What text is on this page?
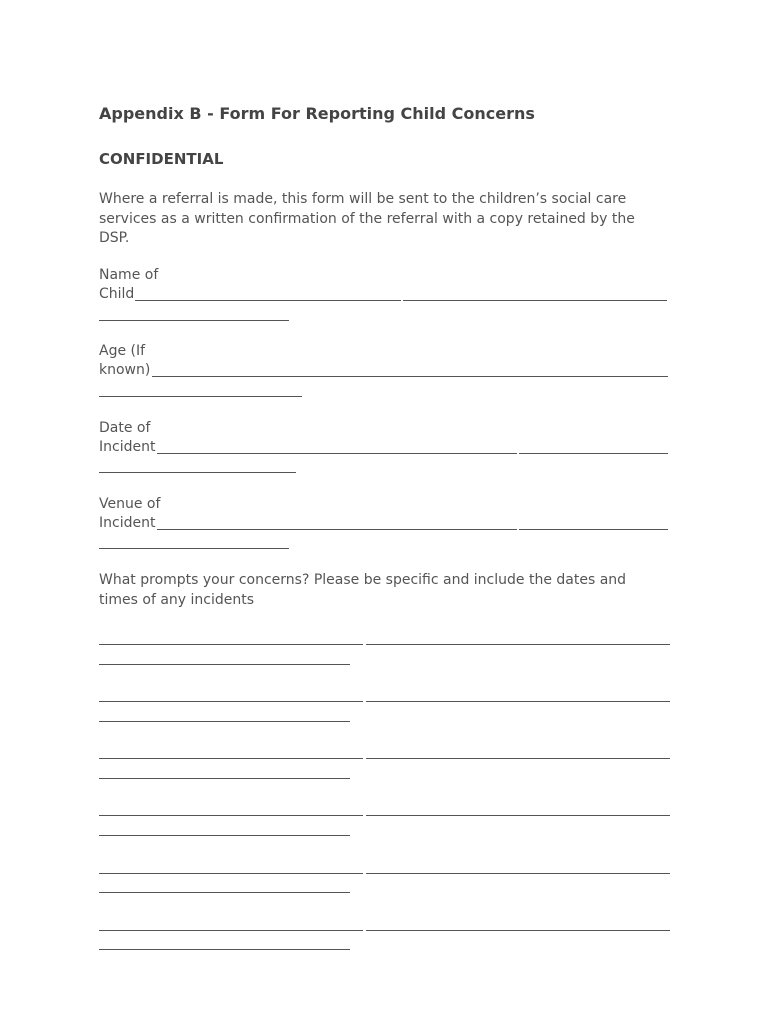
Appendix B - Form For Reporting Child Concerns
CONFIDENTIAL
Where a referral is made, this form will be sent to the children’s social care services as a written confirmation of the referral with a copy retained by the DSP.
Name of
Child
Age (If
known)
Date of
Incident
Venue of
Incident
What prompts your concerns? Please be specific and include the dates and times of any incidents
